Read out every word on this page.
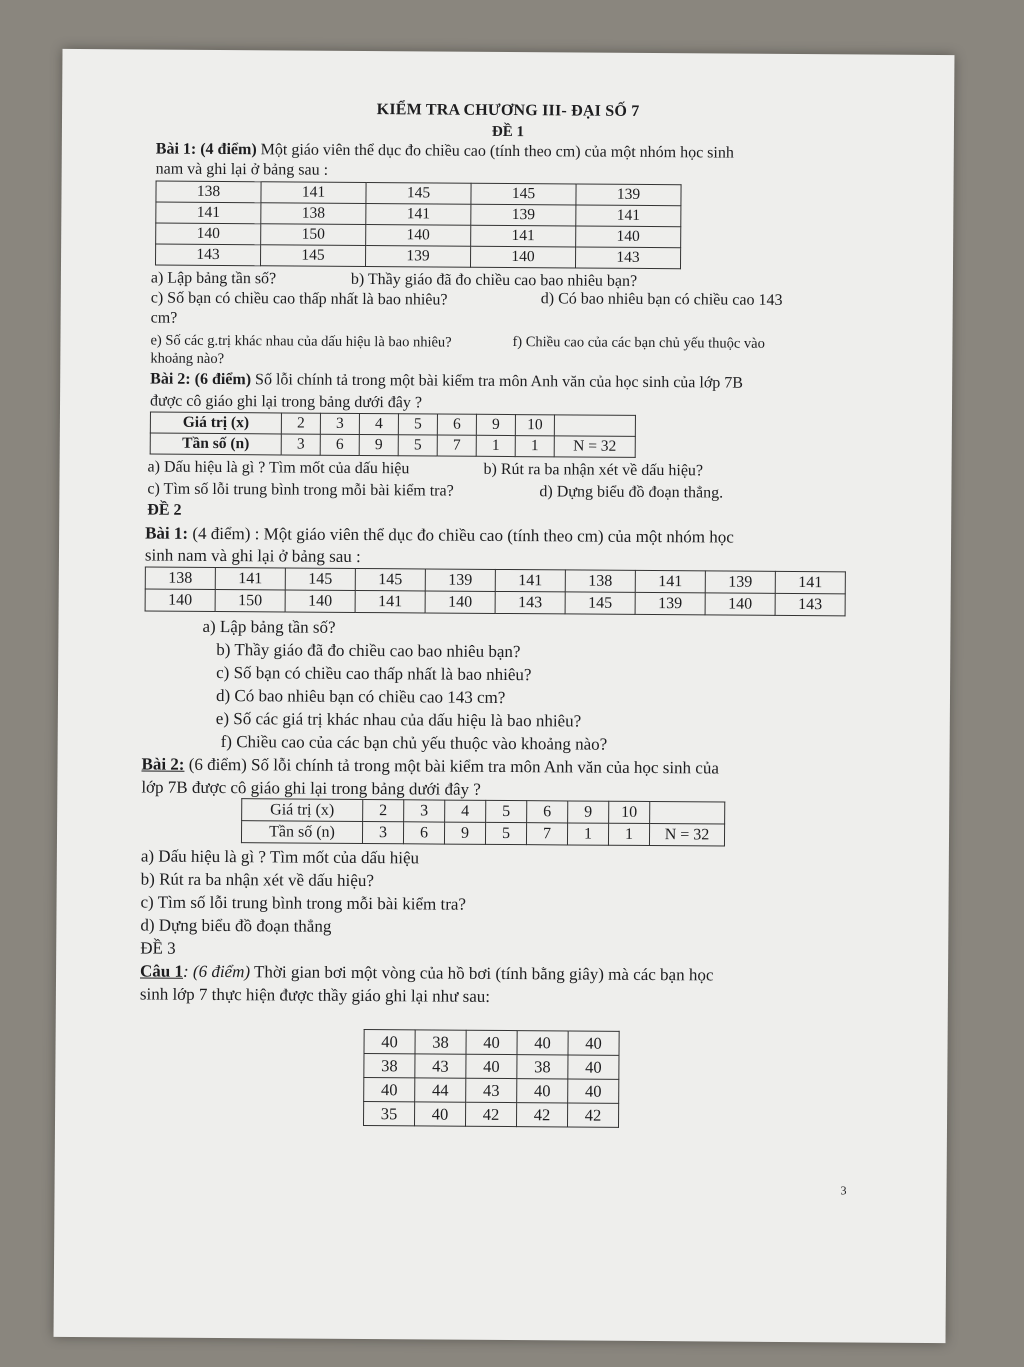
KIỂM TRA CHƯƠNG III- ĐẠI SỐ 7
ĐỀ 1
Bài 1: (4 điểm) Một giáo viên thể dục đo chiều cao (tính theo cm) của một nhóm học sinh
nam và ghi lại ở bảng sau :
138	141	145	145	139
141	138	141	139	141
140	150	140	141	140
143	145	139	140	143
a) Lập bảng tần số?	b) Thầy giáo đã đo chiều cao bao nhiêu bạn?
c) Số bạn có chiều cao thấp nhất là bao nhiêu?	d) Có bao nhiêu bạn có chiều cao 143
cm?
e) Số các g.trị khác nhau của dấu hiệu là bao nhiêu?	f) Chiều cao của các bạn chủ yếu thuộc vào
khoảng nào?
Bài 2: (6 điểm) Số lỗi chính tả trong một bài kiểm tra môn Anh văn của học sinh của lớp 7B
được cô giáo ghi lại trong bảng dưới đây ?
Giá trị (x)	2	3	4	5	6	9	10	
Tần số (n)	3	6	9	5	7	1	1	N = 32
a) Dấu hiệu là gì ? Tìm mốt của dấu hiệu	b) Rút ra ba nhận xét về dấu hiệu?
c) Tìm số lỗi trung bình trong mỗi bài kiểm tra?	d) Dựng biểu đồ đoạn thẳng.
ĐỀ 2
Bài 1: (4 điểm) : Một giáo viên thể dục đo chiều cao (tính theo cm) của một nhóm học
sinh nam và ghi lại ở bảng sau :
138	141	145	145	139	141	138	141	139	141
140	150	140	141	140	143	145	139	140	143
a) Lập bảng tần số?
b) Thầy giáo đã đo chiều cao bao nhiêu bạn?
c) Số bạn có chiều cao thấp nhất là bao nhiêu?
d) Có bao nhiêu bạn có chiều cao 143 cm?
e) Số các giá trị khác nhau của dấu hiệu là bao nhiêu?
f) Chiều cao của các bạn chủ yếu thuộc vào khoảng nào?
Bài 2: (6 điểm) Số lỗi chính tả trong một bài kiểm tra môn Anh văn của học sinh của
lớp 7B được cô giáo ghi lại trong bảng dưới đây ?
Giá trị (x)	2	3	4	5	6	9	10	
Tần số (n)	3	6	9	5	7	1	1	N = 32
a) Dấu hiệu là gì ? Tìm mốt của dấu hiệu
b) Rút ra ba nhận xét về dấu hiệu?
c) Tìm số lỗi trung bình trong mỗi bài kiểm tra?
d) Dựng biểu đồ đoạn thẳng
ĐỀ 3
Câu 1: (6 điểm) Thời gian bơi một vòng của hồ bơi (tính bằng giây) mà các bạn học
sinh lớp 7 thực hiện được thầy giáo ghi lại như sau:
40	38	40	40	40
38	43	40	38	40
40	44	43	40	40
35	40	42	42	42
3
